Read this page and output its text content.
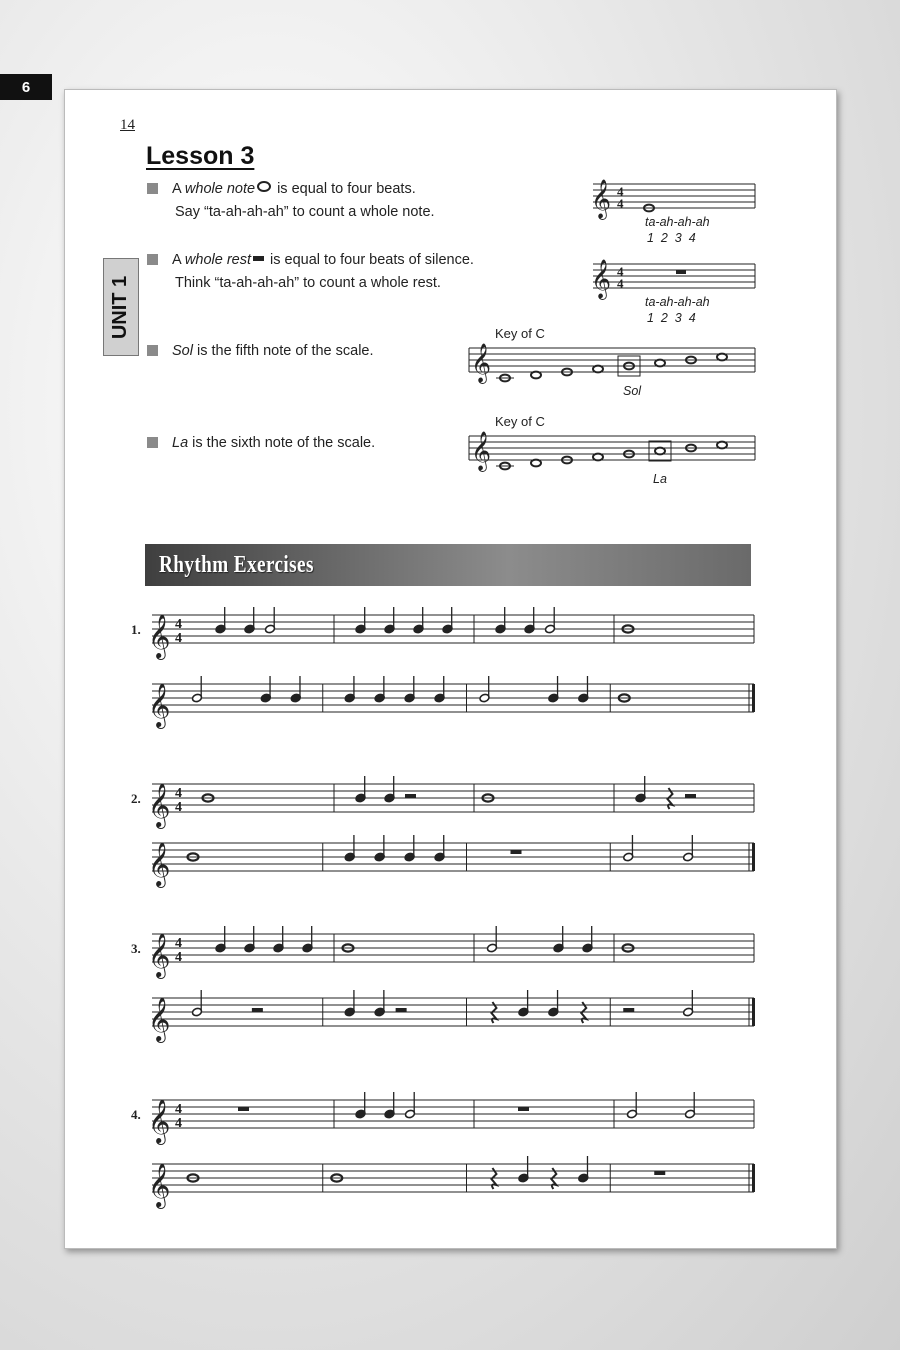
6
14
Lesson 3
UNIT 1
A whole note is equal to four beats.
Say “ta-ah-ah-ah” to count a whole note.
A whole rest is equal to four beats of silence.
Think “ta-ah-ah-ah” to count a whole rest.
Sol is the fifth note of the scale.
La is the sixth note of the scale.
𝄞 4
4
ta-ah-ah-ah
1  2  3  4
𝄞 4
4
ta-ah-ah-ah
1  2  3  4
Key of C
𝄞
Sol
Key of C
𝄞
La
Rhythm Exercises
𝄞
1. 4
4
𝄞
𝄞
2. 4
4
𝄞
𝄞
3. 4
4
𝄞
𝄞
4. 4
4
𝄞
